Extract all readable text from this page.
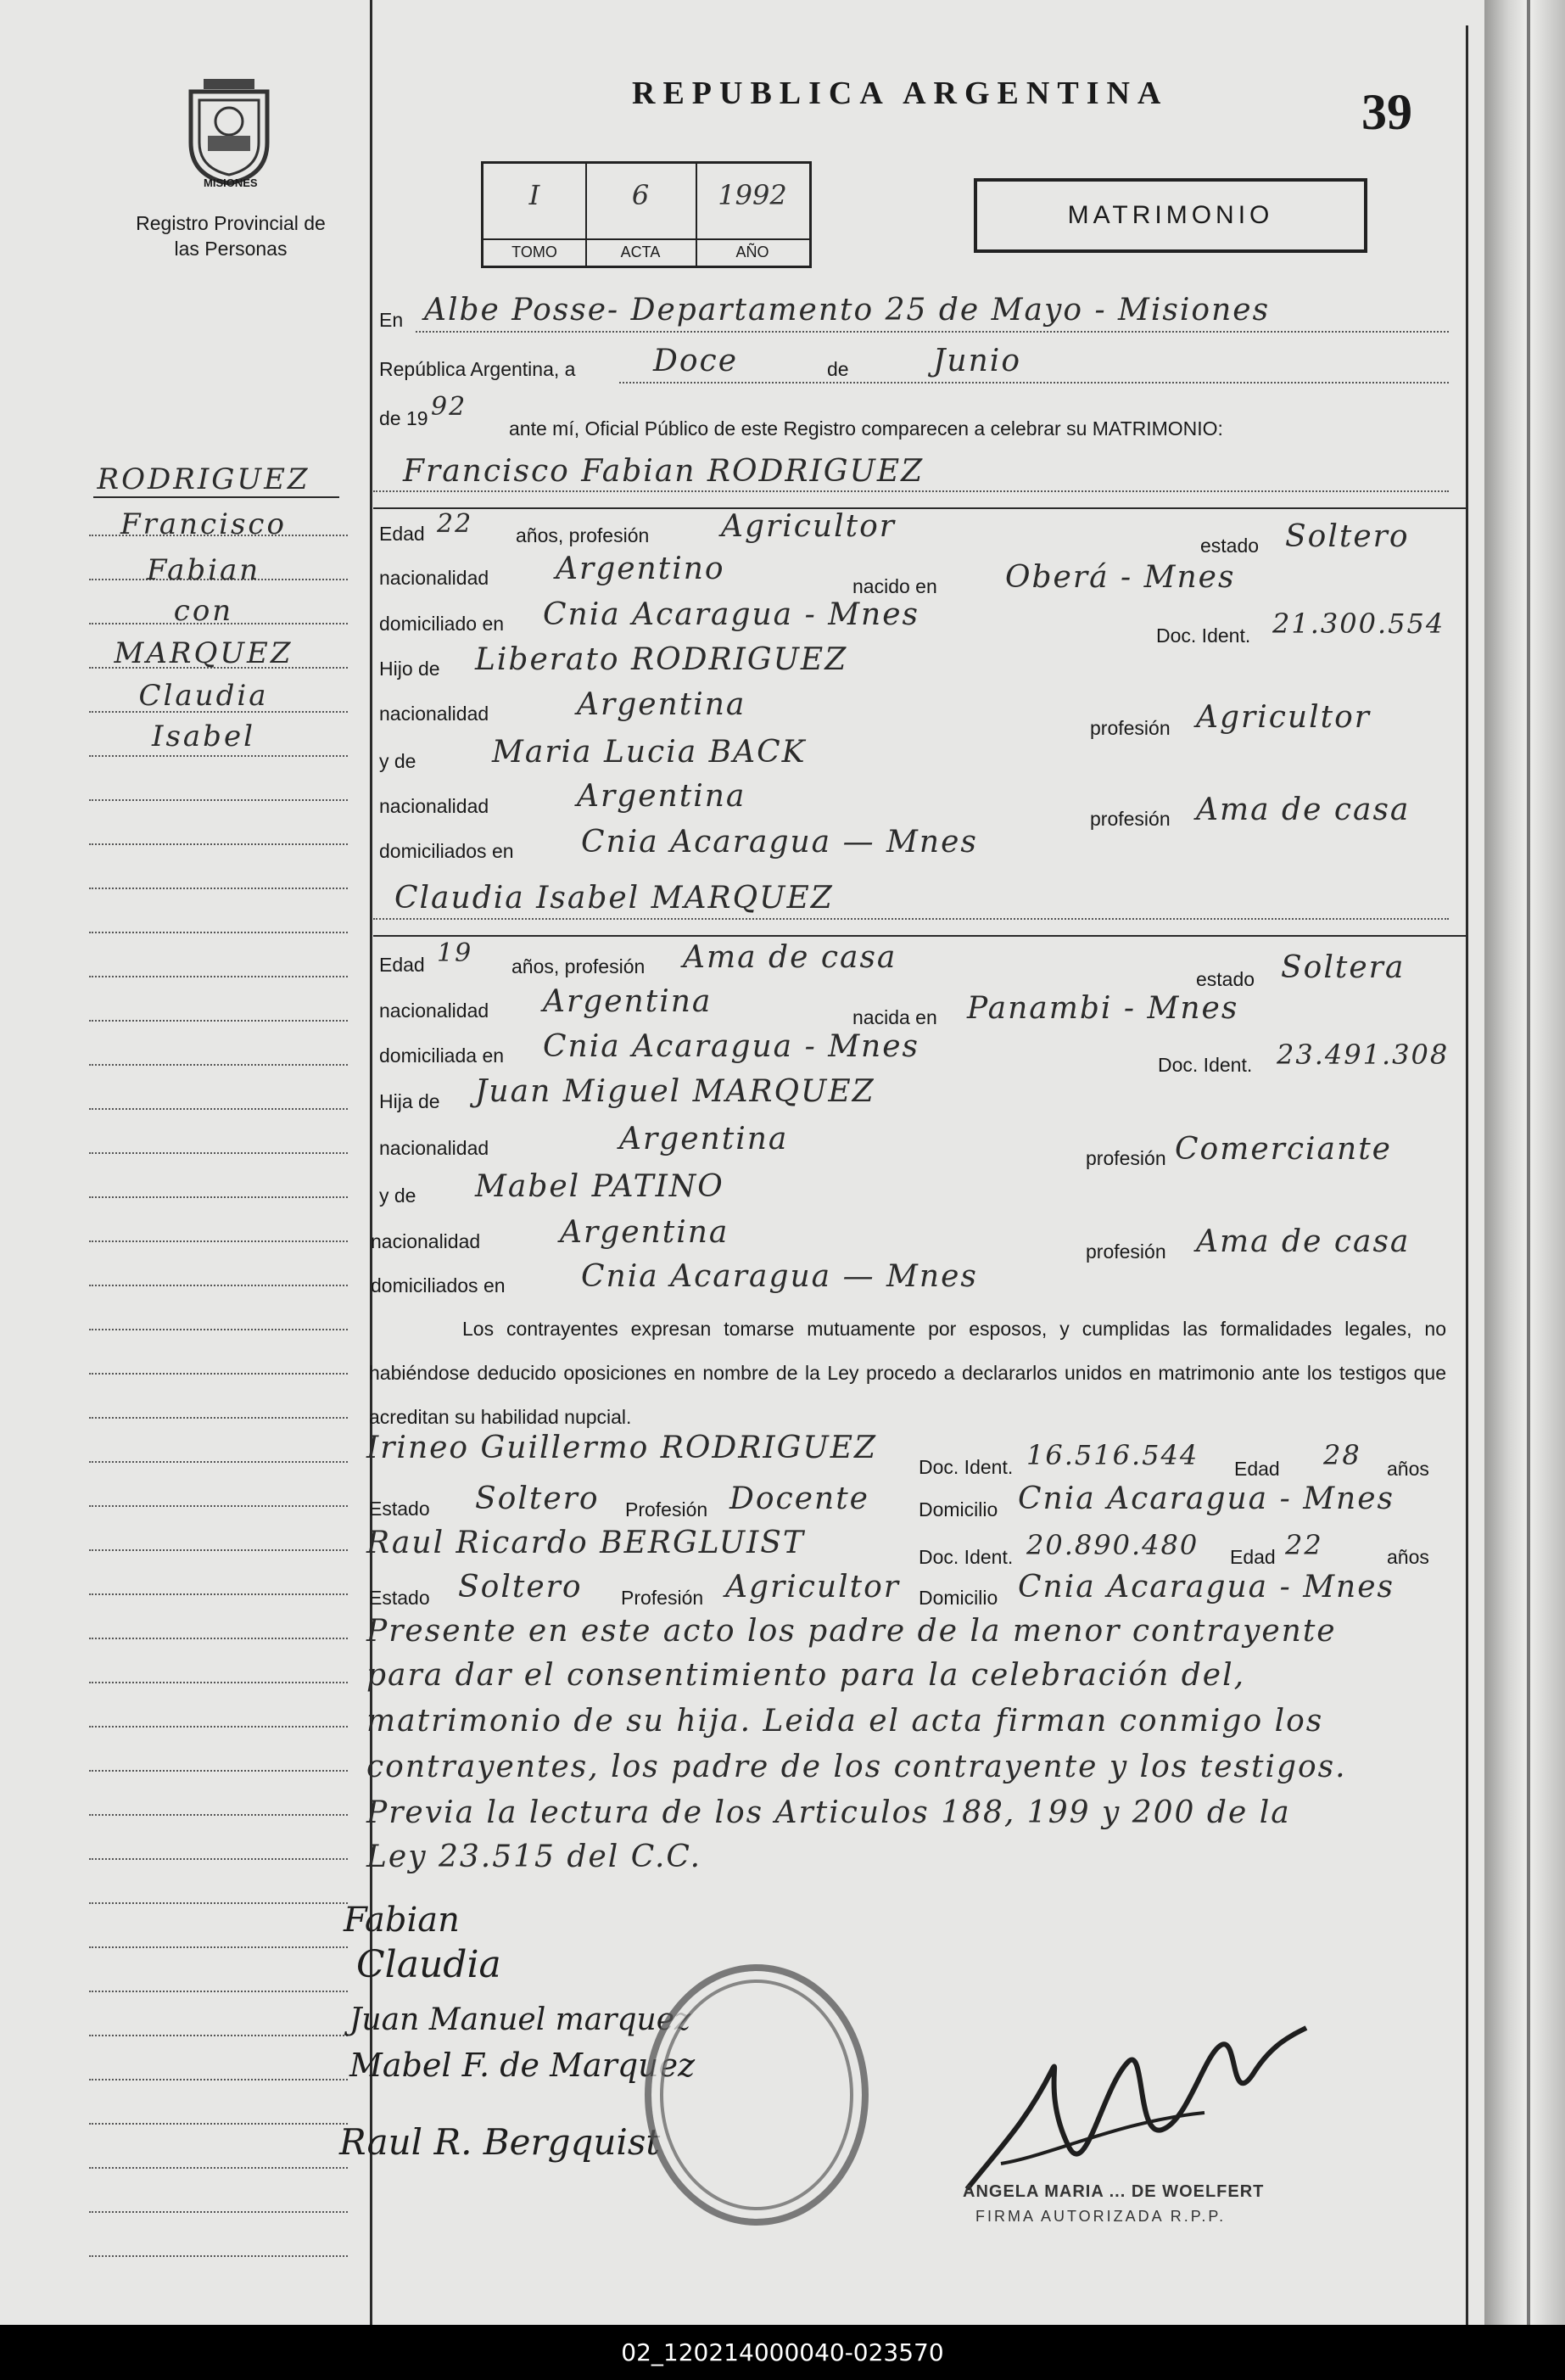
MISIONES
Registro Provincial de las Personas
REPUBLICA ARGENTINA	39
I
TOMO
6
ACTA
1992
AÑO
MATRIMONIO
RODRIGUEZ
Francisco
Fabian
con
MARQUEZ
Claudia
Isabel
En Albe Posse- Departamento 25 de Mayo - Misiones
República Argentina, a	Doce	de	Junio
de 19 92
ante mí, Oficial Público de este Registro comparecen a celebrar su MATRIMONIO:
Francisco Fabian RODRIGUEZ
Edad 22 años, profesión Agricultor
estado Soltero
nacionalidad Argentino	nacido en Oberá - Mnes
domiciliado en Cnia Acaragua - Mnes
Doc. Ident. 21.300.554
Hijo de Liberato RODRIGUEZ
nacionalidad	Argentina
profesión Agricultor
y de Maria Lucia BACK
nacionalidad	Argentina
profesión Ama de casa
domiciliados en Cnia Acaragua — Mnes
Claudia Isabel MARQUEZ
Edad 19 años, profesión Ama de casa
estado Soltera
nacionalidad Argentina	nacida en Panambi - Mnes
domiciliada en Cnia Acaragua - Mnes
Doc. Ident. 23.491.308
Hija de Juan Miguel MARQUEZ
nacionalidad	Argentina
profesión Comerciante
y de Mabel PATINO
nacionalidad	Argentina
profesión Ama de casa
domiciliados en Cnia Acaragua — Mnes
Los contrayentes expresan tomarse mutuamente por esposos, y cumplidas las formalidades legales, no habiéndose deducido oposiciones en nombre de la Ley procedo a declararlos unidos en matrimonio ante los testigos que acreditan su habilidad nupcial.
Irineo Guillermo RODRIGUEZ
Doc. Ident. 16.516.544 Edad 28 años
Estado Soltero Profesión Docente	Domicilio Cnia Acaragua - Mnes
Raul Ricardo BERGLUIST	Doc. Ident. 20.890.480 Edad 22	años
Estado Soltero Profesión Agricultor Domicilio Cnia Acaragua - Mnes
Presente en este acto los padre de la menor contrayente
para dar el consentimiento para la celebración del,
matrimonio de su hija. Leida el acta firman conmigo los
contrayentes, los padre de los contrayente y los testigos.
Previa la lectura de los Articulos 188, 199 y 200 de la
Ley 23.515 del C.C.
Fabian
Claudia
Juan Manuel marquez
Mabel F. de Marquez
Raul R. Bergquist
ANGELA MARIA ... DE WOELFERT
FIRMA AUTORIZADA R.P.P.
02_120214000040-023570
